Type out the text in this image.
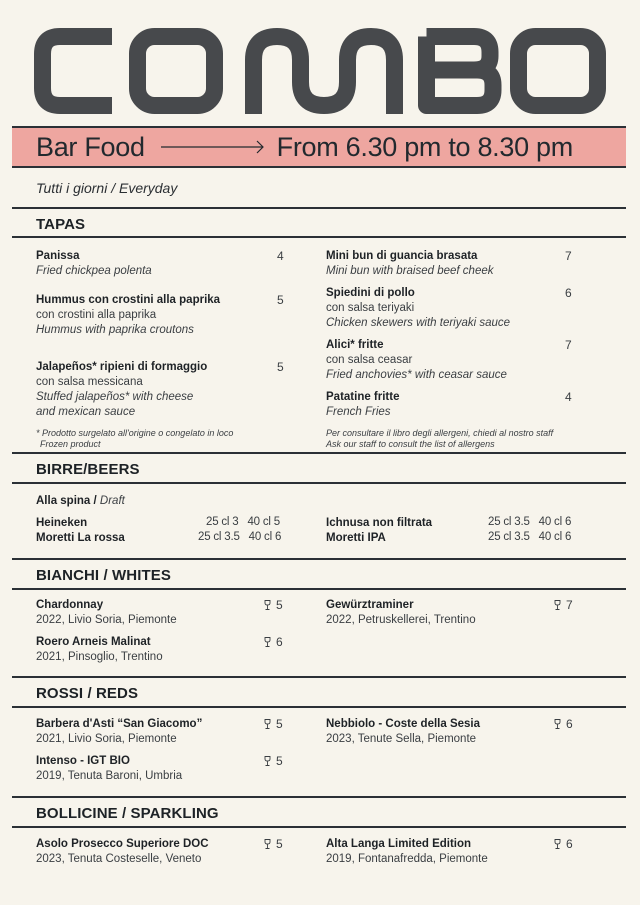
Bar Food	From 6.30 pm to 8.30 pm
Tutti i giorni / Everyday
TAPAS
Panissa
Fried chickpea polenta
4
Hummus con crostini alla paprika
con crostini alla paprika
Hummus with paprika croutons
5
Jalapeños* ripieni di formaggio
con salsa messicana
Stuffed jalapeños* with cheese
and mexican sauce
5
* Prodotto surgelato all'origine o congelato in loco
Frozen product
Mini bun di guancia brasata
Mini bun with braised beef cheek
7
Spiedini di pollo
con salsa teriyaki
Chicken skewers with teriyaki sauce
6
Alici* fritte
con salsa ceasar
Fried anchovies* with ceasar sauce
7
Patatine fritte
French Fries
4
Per consultare il libro degli allergeni, chiedi al nostro staff
Ask our staff to consult the list of allergens
BIRRE/BEERS
Alla spina / Draft
Heineken	25 cl 3   40 cl 5
Moretti La rossa	25 cl 3.5   40 cl 6
Ichnusa non filtrata	25 cl 3.5   40 cl 6
Moretti IPA	25 cl 3.5   40 cl 6
BIANCHI / WHITES
Chardonnay
2022, Livio Soria, Piemonte
5
Roero Arneis Malinat
2021, Pinsoglio, Trentino
6
Gewürztraminer
2022, Petruskellerei, Trentino
7
ROSSI / REDS
Barbera d'Asti “San Giacomo”
2021, Livio Soria, Piemonte
5
Intenso - IGT BIO
2019, Tenuta Baroni, Umbria
5
Nebbiolo - Coste della Sesia
2023, Tenute Sella, Piemonte
6
BOLLICINE / SPARKLING
Asolo Prosecco Superiore DOC
2023, Tenuta Costeselle, Veneto
5	Alta Langa Limited Edition
2019, Fontanafredda, Piemonte
6
